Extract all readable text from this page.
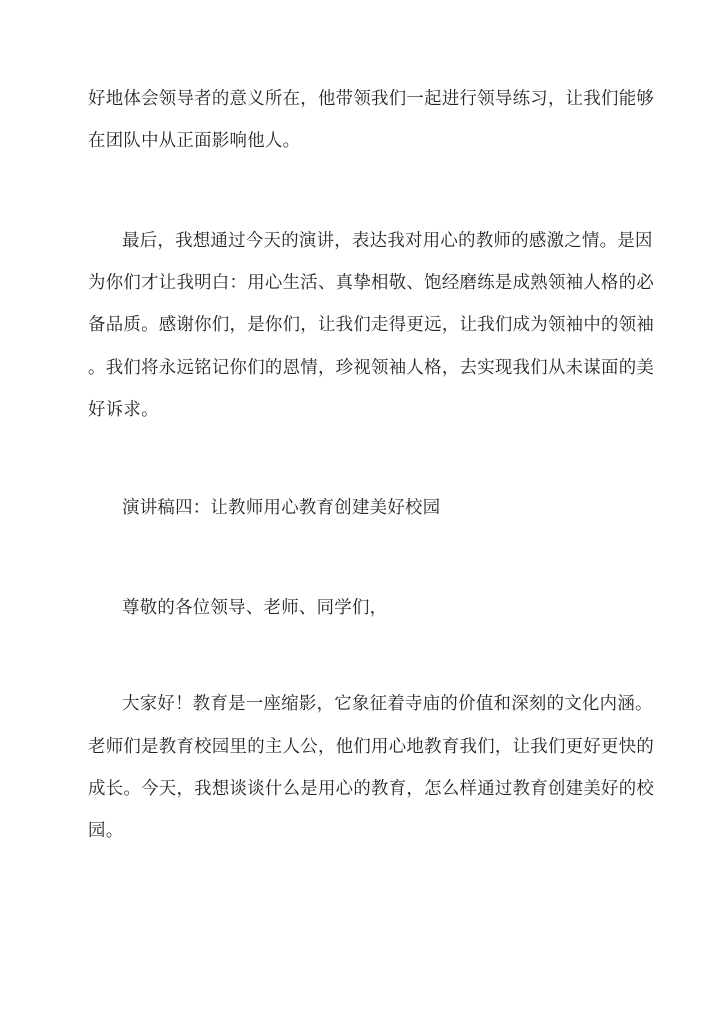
好地体会领导者的意义所在，他带领我们一起进行领导练习，让我们能够
在团队中从正面影响他人。
最后，我想通过今天的演讲，表达我对用心的教师的感激之情。是因
为你们才让我明白：用心生活、真挚相敬、饱经磨练是成熟领袖人格的必
备品质。感谢你们，是你们，让我们走得更远，让我们成为领袖中的领袖
。我们将永远铭记你们的恩情，珍视领袖人格，去实现我们从未谋面的美
好诉求。
演讲稿四：让教师用心教育创建美好校园
尊敬的各位领导、老师、同学们，
大家好！教育是一座缩影，它象征着寺庙的价值和深刻的文化内涵。
老师们是教育校园里的主人公，他们用心地教育我们，让我们更好更快的
成长。今天，我想谈谈什么是用心的教育，怎么样通过教育创建美好的校
园。
